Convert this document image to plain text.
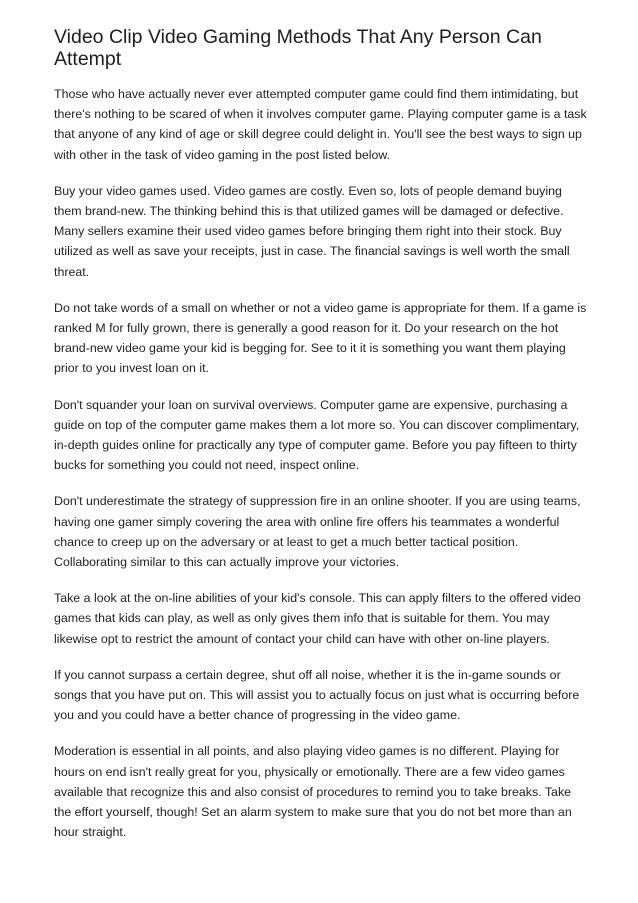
Video Clip Video Gaming Methods That Any Person Can Attempt

Those who have actually never ever attempted computer game could find them intimidating, but there's nothing to be scared of when it involves computer game. Playing computer game is a task that anyone of any kind of age or skill degree could delight in. You'll see the best ways to sign up with other in the task of video gaming in the post listed below.

Buy your video games used. Video games are costly. Even so, lots of people demand buying them brand-new. The thinking behind this is that utilized games will be damaged or defective. Many sellers examine their used video games before bringing them right into their stock. Buy utilized as well as save your receipts, just in case. The financial savings is well worth the small threat.

Do not take words of a small on whether or not a video game is appropriate for them. If a game is ranked M for fully grown, there is generally a good reason for it. Do your research on the hot brand-new video game your kid is begging for. See to it it is something you want them playing prior to you invest loan on it.

Don't squander your loan on survival overviews. Computer game are expensive, purchasing a guide on top of the computer game makes them a lot more so. You can discover complimentary, in-depth guides online for practically any type of computer game. Before you pay fifteen to thirty bucks for something you could not need, inspect online.

Don't underestimate the strategy of suppression fire in an online shooter. If you are using teams, having one gamer simply covering the area with online fire offers his teammates a wonderful chance to creep up on the adversary or at least to get a much better tactical position. Collaborating similar to this can actually improve your victories.

Take a look at the on-line abilities of your kid's console. This can apply filters to the offered video games that kids can play, as well as only gives them info that is suitable for them. You may likewise opt to restrict the amount of contact your child can have with other on-line players.

If you cannot surpass a certain degree, shut off all noise, whether it is the in-game sounds or songs that you have put on. This will assist you to actually focus on just what is occurring before you and you could have a better chance of progressing in the video game.

Moderation is essential in all points, and also playing video games is no different. Playing for hours on end isn't really great for you, physically or emotionally. There are a few video games available that recognize this and also consist of procedures to remind you to take breaks. Take the effort yourself, though! Set an alarm system to make sure that you do not bet more than an hour straight.
